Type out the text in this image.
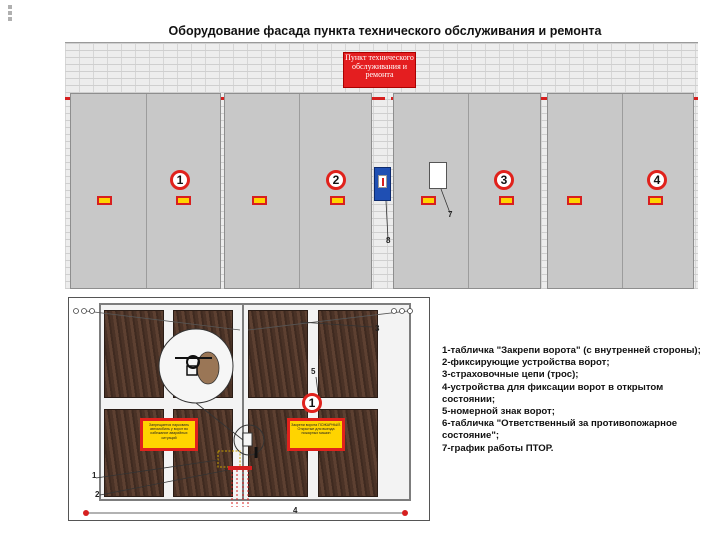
Оборудование фасада пункта технического обслуживания и ремонта
Пункт технического обслуживания и ремонта
1	2	3	4
7
8
Запрещается парковать автомобиль у ворот во избежание аварийных ситуаций
Закрепи ворота ПОЖАРНЫЙ. Открытые для выезда пожарных машин
1
3
5
1
2
4
1-табличка "Закрепи ворота" (с внутренней стороны);
2-фиксирующие устройства ворот;
3-страховочные цепи (трос);
4-устройства для фиксации ворот в открытом состоянии;
5-номерной знак ворот;
6-табличка "Ответственный за противопожарное состояние";
7-график работы ПТОР.
